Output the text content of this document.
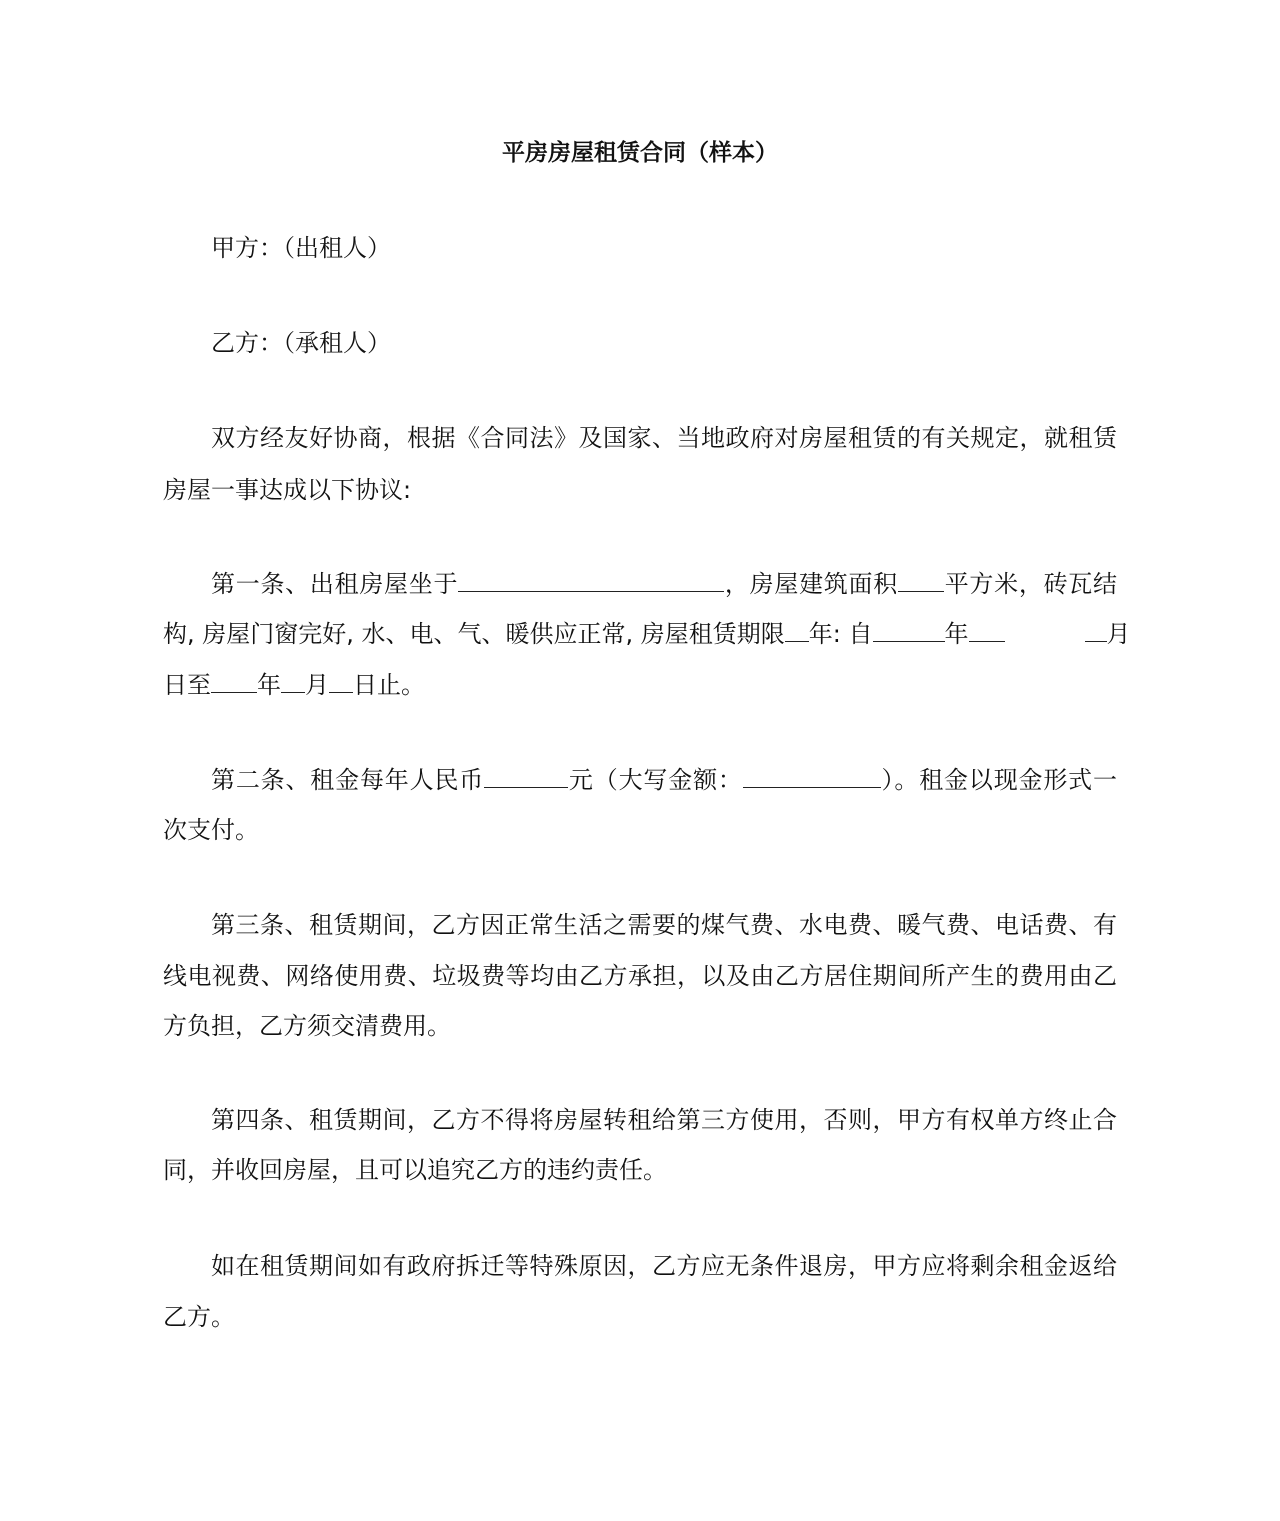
平房房屋租赁合同（样本）
甲方：（出租人）
乙方：（承租人）
双方经友好协商，根据《合同法》及国家、当地政府对房屋租赁的有关规定，就租赁
房屋一事达成以下协议:
第一条、出租房屋坐于	，房屋建筑面积 平方米，砖瓦结
构, 房屋门窗完好, 水、电、气、暖供应正常, 房屋租赁期限 年: 自	年	月
日至 年 月 日止。
第二条、租金每年人民币	元（大写金额：	）。租金以现金形式一
次支付。
第三条、租赁期间，乙方因正常生活之需要的煤气费、水电费、暖气费、电话费、有
线电视费、网络使用费、垃圾费等均由乙方承担，以及由乙方居住期间所产生的费用由乙
方负担，乙方须交清费用。
第四条、租赁期间，乙方不得将房屋转租给第三方使用，否则，甲方有权单方终止合
同，并收回房屋，且可以追究乙方的违约责任。
如在租赁期间如有政府拆迁等特殊原因，乙方应无条件退房，甲方应将剩余租金返给
乙方。
